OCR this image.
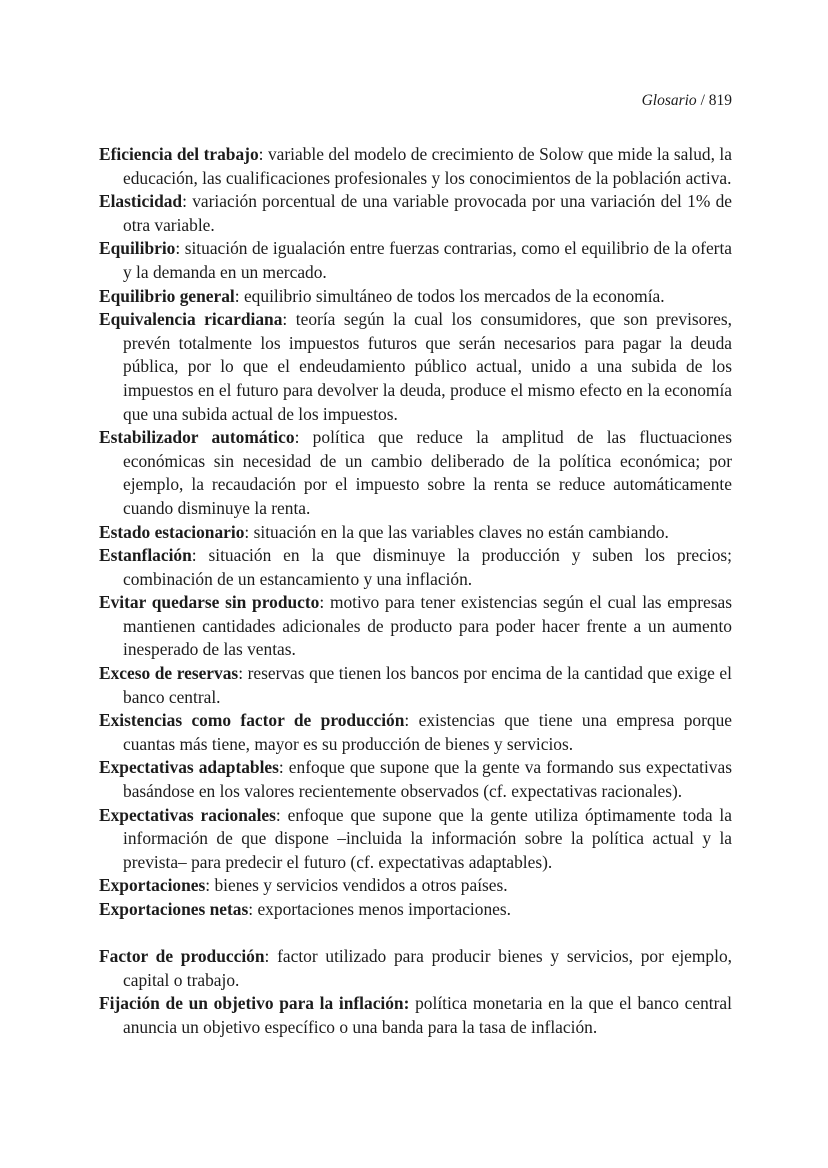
Glosario / 819
Eficiencia del trabajo: variable del modelo de crecimiento de Solow que mide la salud, la educación, las cualificaciones profesionales y los conocimientos de la población activa.
Elasticidad: variación porcentual de una variable provocada por una variación del 1% de otra variable.
Equilibrio: situación de igualación entre fuerzas contrarias, como el equilibrio de la oferta y la demanda en un mercado.
Equilibrio general: equilibrio simultáneo de todos los mercados de la economía.
Equivalencia ricardiana: teoría según la cual los consumidores, que son previsores, prevén totalmente los impuestos futuros que serán necesarios para pagar la deuda pública, por lo que el endeudamiento público actual, unido a una subida de los impuestos en el futuro para devolver la deuda, produce el mismo efecto en la economía que una subida actual de los impuestos.
Estabilizador automático: política que reduce la amplitud de las fluctuaciones económicas sin necesidad de un cambio deliberado de la política económica; por ejemplo, la recaudación por el impuesto sobre la renta se reduce automáticamente cuando disminuye la renta.
Estado estacionario: situación en la que las variables claves no están cambiando.
Estanflación: situación en la que disminuye la producción y suben los precios; combinación de un estancamiento y una inflación.
Evitar quedarse sin producto: motivo para tener existencias según el cual las empresas mantienen cantidades adicionales de producto para poder hacer frente a un aumento inesperado de las ventas.
Exceso de reservas: reservas que tienen los bancos por encima de la cantidad que exige el banco central.
Existencias como factor de producción: existencias que tiene una empresa porque cuantas más tiene, mayor es su producción de bienes y servicios.
Expectativas adaptables: enfoque que supone que la gente va formando sus expectativas basándose en los valores recientemente observados (cf. expectativas racionales).
Expectativas racionales: enfoque que supone que la gente utiliza óptimamente toda la información de que dispone –incluida la información sobre la política actual y la prevista– para predecir el futuro (cf. expectativas adaptables).
Exportaciones: bienes y servicios vendidos a otros países.
Exportaciones netas: exportaciones menos importaciones.
Factor de producción: factor utilizado para producir bienes y servicios, por ejemplo, capital o trabajo.
Fijación de un objetivo para la inflación: política monetaria en la que el banco central anuncia un objetivo específico o una banda para la tasa de inflación.
